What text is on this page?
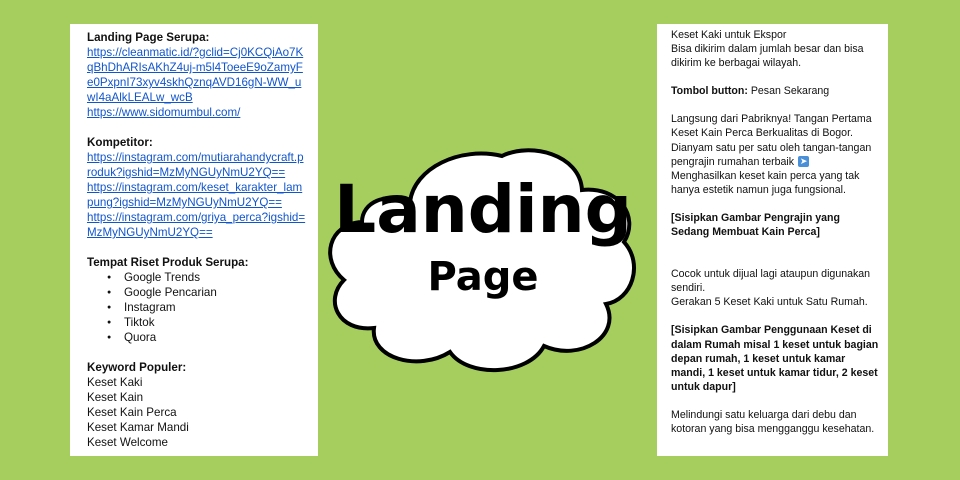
Landing Page Serupa:

https://cleanmatic.id/?gclid=Cj0KCQiAo7KqBhDhARIsAKhZ4uj-m5l4ToeeE9oZamyFe0PxpnI73xyv4skhQznqAVD16gN-WW_uwI4aAlkLEALw_wcB
https://www.sidomumbul.com/

Kompetitor:

https://instagram.com/mutiarahandycraft.produk?igshid=MzMyNGUyNmU2YQ==
https://instagram.com/keset_karakter_lampung?igshid=MzMyNGUyNmU2YQ==
https://instagram.com/griya_perca?igshid=MzMyNGUyNmU2YQ==

Tempat Riset Produk Serupa:

● Google Trends
● Google Pencarian
● Instagram
● Tiktok
● Quora

Keyword Populer:

Keset Kaki

Keset Kain

Keset Kain Perca

Keset Kamar Mandi

Keset Welcome

Landing
Page

Keset Kaki untuk Ekspor

Bisa dikirim dalam jumlah besar dan bisa dikirim ke berbagai wilayah.

Tombol button: Pesan Sekarang

Langsung dari Pabriknya! Tangan Pertama Keset Kain Perca Berkualitas di Bogor. Dianyam satu per satu oleh tangan-tangan pengrajin rumahan terbaik ➤

Menghasilkan keset kain perca yang tak hanya estetik namun juga fungsional.

[Sisipkan Gambar Pengrajin yang Sedang Membuat Kain Perca]

Cocok untuk dijual lagi ataupun digunakan sendiri.

Gerakan 5 Keset Kaki untuk Satu Rumah.

[Sisipkan Gambar Penggunaan Keset di dalam Rumah misal 1 keset untuk bagian depan rumah, 1 keset untuk kamar mandi, 1 keset untuk kamar tidur, 2 keset untuk dapur]

Melindungi satu keluarga dari debu dan kotoran yang bisa mengganggu kesehatan.
